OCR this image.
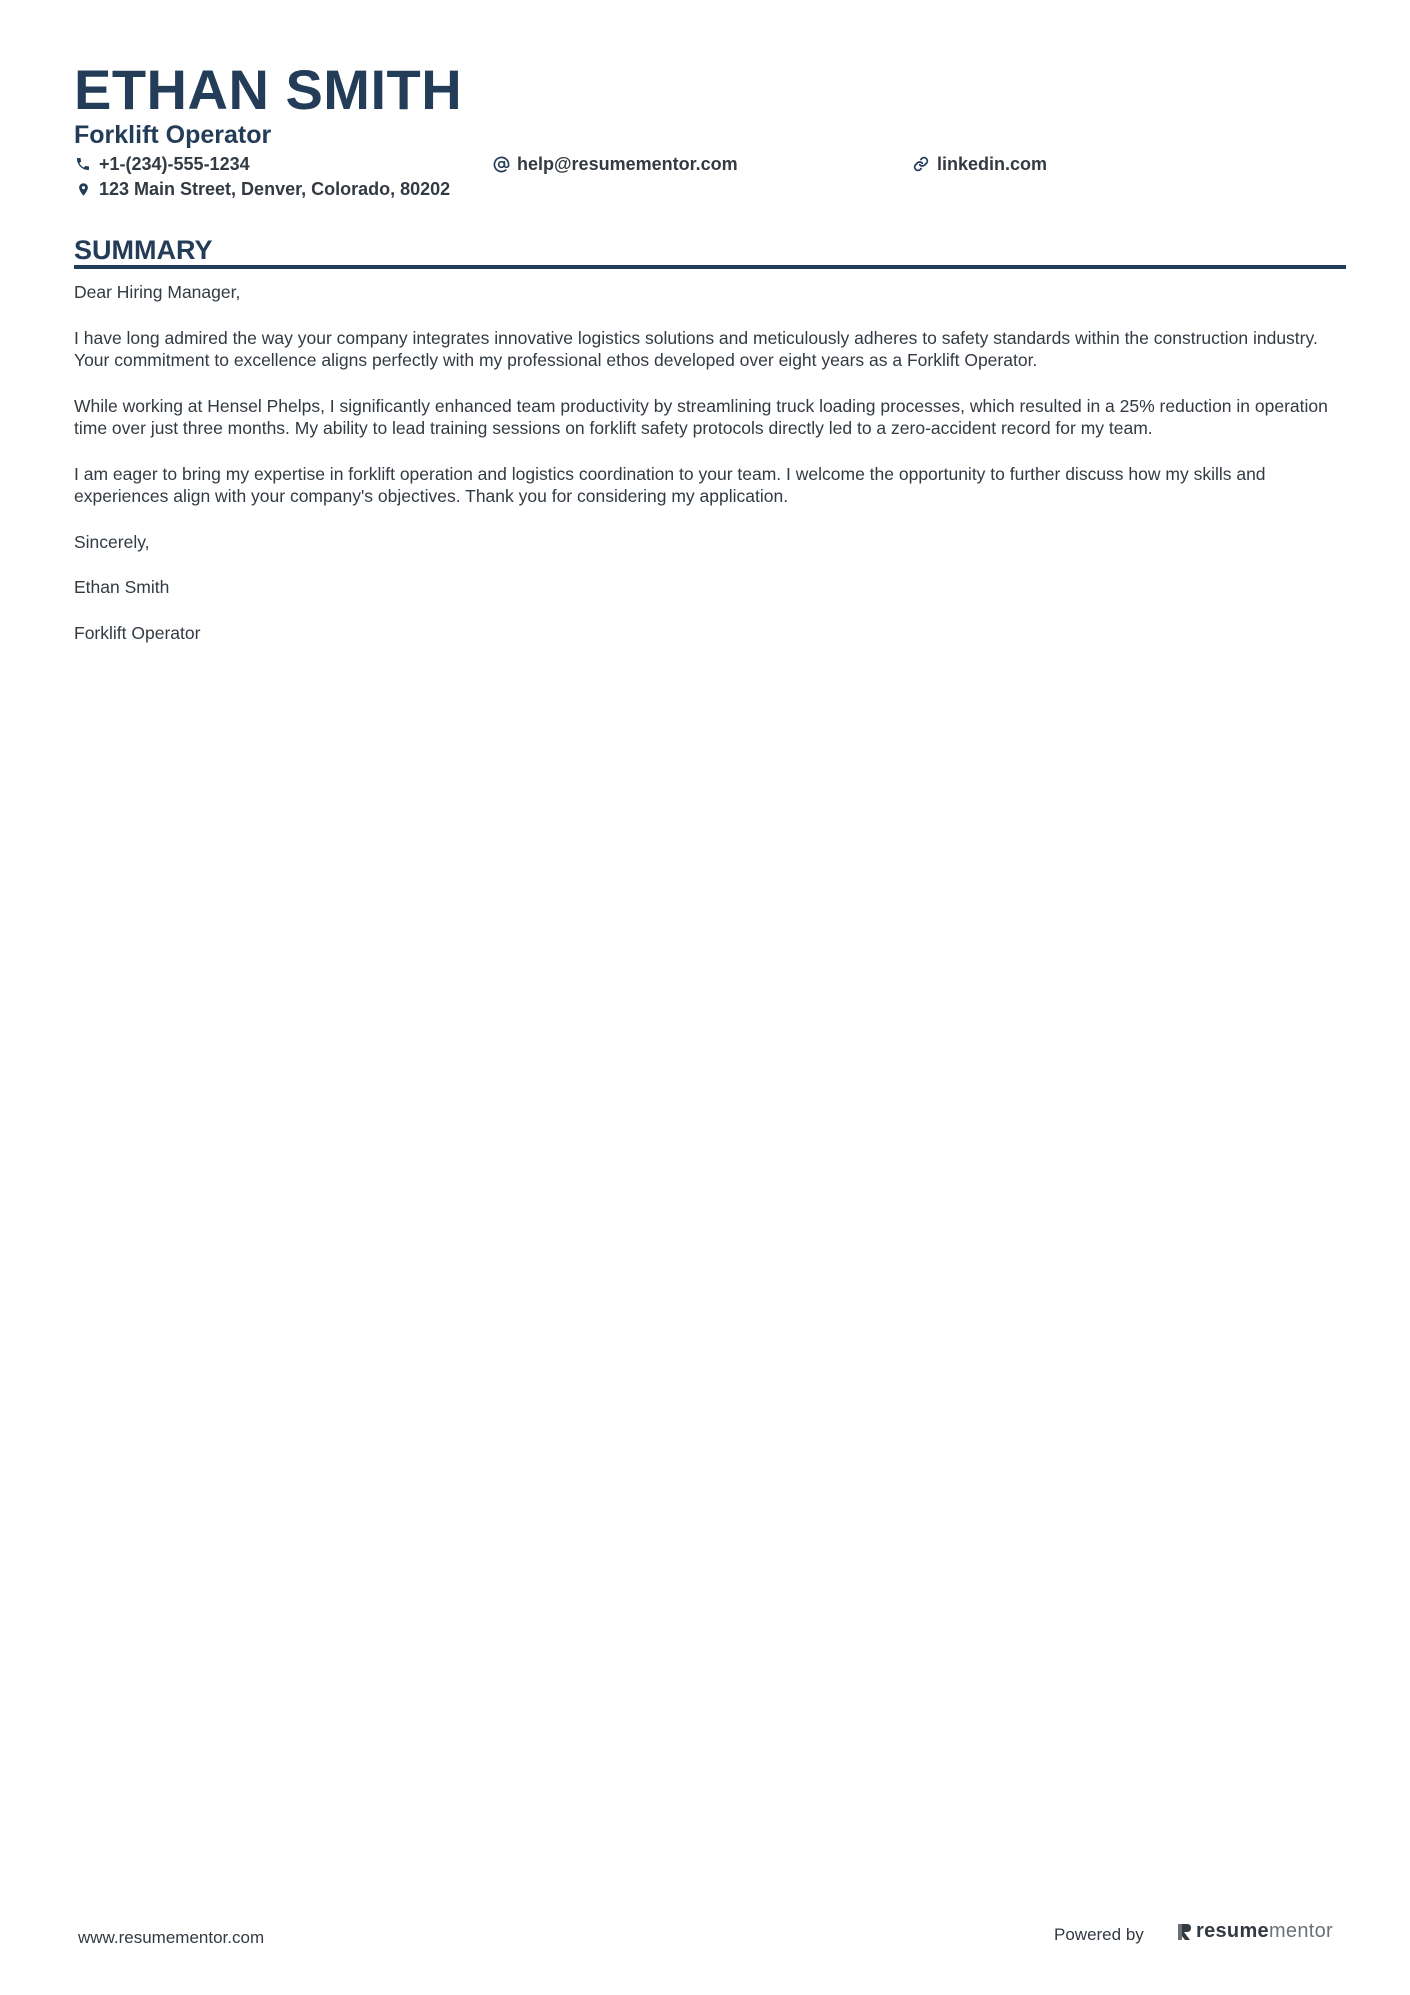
ETHAN SMITH
Forklift Operator
+1-(234)-555-1234	help@resumementor.com	linkedin.com
123 Main Street, Denver, Colorado, 80202
SUMMARY

Dear Hiring Manager,

I have long admired the way your company integrates innovative logistics solutions and meticulously adheres to safety standards within the construction industry. Your commitment to excellence aligns perfectly with my professional ethos developed over eight years as a Forklift Operator.

While working at Hensel Phelps, I significantly enhanced team productivity by streamlining truck loading processes, which resulted in a 25% reduction in operation time over just three months. My ability to lead training sessions on forklift safety protocols directly led to a zero-accident record for my team.

I am eager to bring my expertise in forklift operation and logistics coordination to your team. I welcome the opportunity to further discuss how my skills and experiences align with your company's objectives. Thank you for considering my application.

Sincerely,

Ethan Smith

Forklift Operator

www.resumementor.com	Powered by	resumementor
